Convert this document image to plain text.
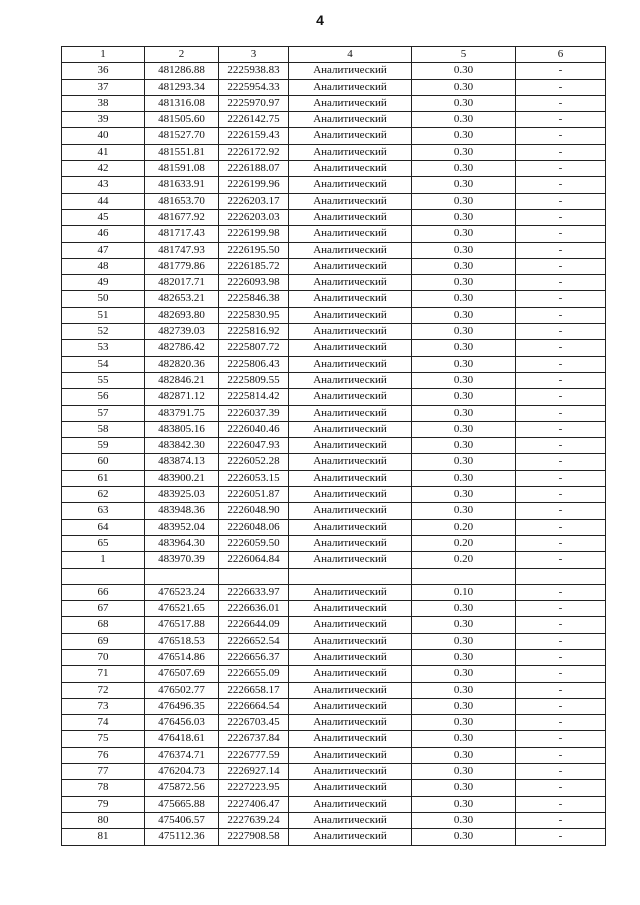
4
1	2	3	4	5	6
36	481286.88	2225938.83	Аналитический	0.30	-
37	481293.34	2225954.33	Аналитический	0.30	-
38	481316.08	2225970.97	Аналитический	0.30	-
39	481505.60	2226142.75	Аналитический	0.30	-
40	481527.70	2226159.43	Аналитический	0.30	-
41	481551.81	2226172.92	Аналитический	0.30	-
42	481591.08	2226188.07	Аналитический	0.30	-
43	481633.91	2226199.96	Аналитический	0.30	-
44	481653.70	2226203.17	Аналитический	0.30	-
45	481677.92	2226203.03	Аналитический	0.30	-
46	481717.43	2226199.98	Аналитический	0.30	-
47	481747.93	2226195.50	Аналитический	0.30	-
48	481779.86	2226185.72	Аналитический	0.30	-
49	482017.71	2226093.98	Аналитический	0.30	-
50	482653.21	2225846.38	Аналитический	0.30	-
51	482693.80	2225830.95	Аналитический	0.30	-
52	482739.03	2225816.92	Аналитический	0.30	-
53	482786.42	2225807.72	Аналитический	0.30	-
54	482820.36	2225806.43	Аналитический	0.30	-
55	482846.21	2225809.55	Аналитический	0.30	-
56	482871.12	2225814.42	Аналитический	0.30	-
57	483791.75	2226037.39	Аналитический	0.30	-
58	483805.16	2226040.46	Аналитический	0.30	-
59	483842.30	2226047.93	Аналитический	0.30	-
60	483874.13	2226052.28	Аналитический	0.30	-
61	483900.21	2226053.15	Аналитический	0.30	-
62	483925.03	2226051.87	Аналитический	0.30	-
63	483948.36	2226048.90	Аналитический	0.30	-
64	483952.04	2226048.06	Аналитический	0.20	-
65	483964.30	2226059.50	Аналитический	0.20	-
1	483970.39	2226064.84	Аналитический	0.20	-

66	476523.24	2226633.97	Аналитический	0.10	-
67	476521.65	2226636.01	Аналитический	0.30	-
68	476517.88	2226644.09	Аналитический	0.30	-
69	476518.53	2226652.54	Аналитический	0.30	-
70	476514.86	2226656.37	Аналитический	0.30	-
71	476507.69	2226655.09	Аналитический	0.30	-
72	476502.77	2226658.17	Аналитический	0.30	-
73	476496.35	2226664.54	Аналитический	0.30	-
74	476456.03	2226703.45	Аналитический	0.30	-
75	476418.61	2226737.84	Аналитический	0.30	-
76	476374.71	2226777.59	Аналитический	0.30	-
77	476204.73	2226927.14	Аналитический	0.30	-
78	475872.56	2227223.95	Аналитический	0.30	-
79	475665.88	2227406.47	Аналитический	0.30	-
80	475406.57	2227639.24	Аналитический	0.30	-
81	475112.36	2227908.58	Аналитический	0.30	-
